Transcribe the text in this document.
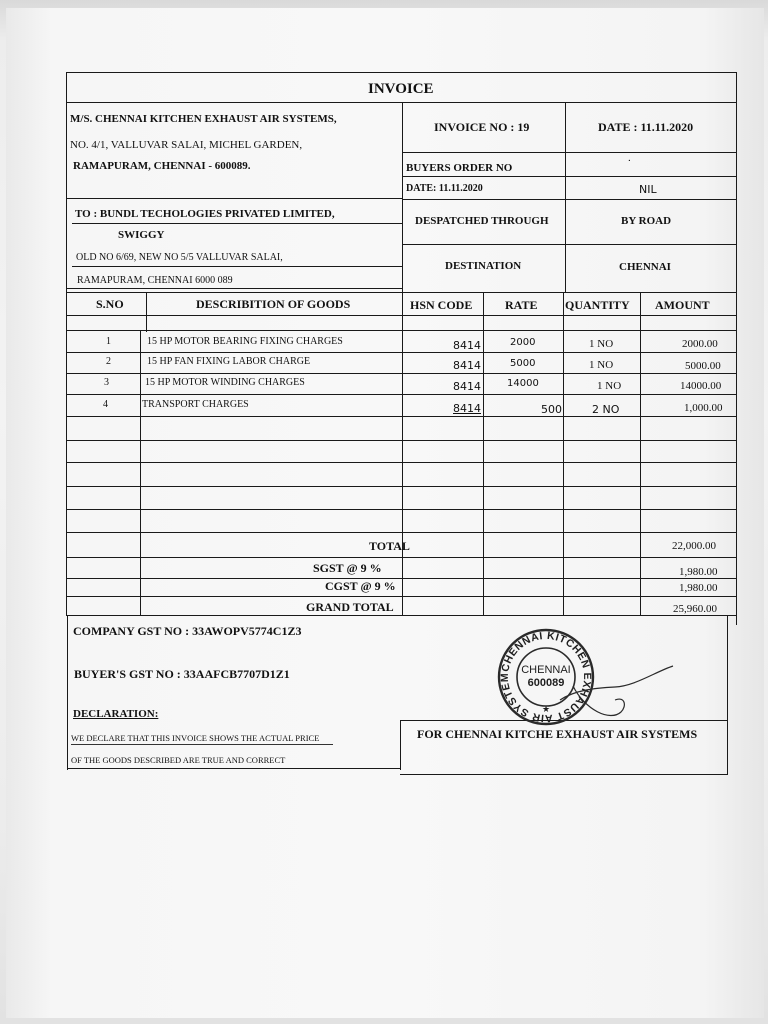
INVOICE
M/S. CHENNAI KITCHEN EXHAUST AIR SYSTEMS,
NO. 4/1, VALLUVAR SALAI, MICHEL GARDEN,
RAMAPURAM, CHENNAI - 600089.
INVOICE NO : 19	DATE : 11.11.2020
BUYERS ORDER NO
.
DATE: 11.11.2020	NIL
DESPATCHED THROUGH	BY ROAD
DESTINATION	CHENNAI
TO : BUNDL TECHOLOGIES PRIVATED LIMITED,
SWIGGY
OLD NO 6/69, NEW NO 5/5 VALLUVAR SALAI,
RAMAPURAM, CHENNAI 6000 089
S.NO	DESCRIBITION OF GOODS	HSN CODE	RATE QUANTITY AMOUNT
1	15 HP MOTOR BEARING FIXING CHARGES	8414	2000	1 NO	2000.00
2	15 HP FAN FIXING LABOR CHARGE	8414	5000	1 NO	5000.00
3	15 HP MOTOR WINDING CHARGES	8414	14000	1 NO	14000.00
4	TRANSPORT CHARGES	8414	500	2 NO	1,000.00
TOTAL	22,000.00
SGST @ 9 %	1,980.00
CGST @ 9 %	1,980.00
GRAND TOTAL	25,960.00
COMPANY GST NO : 33AWOPV5774C1Z3
BUYER'S GST NO : 33AAFCB7707D1Z1
DECLARATION:
WE DECLARE THAT THIS INVOICE SHOWS THE ACTUAL PRICE
OF THE GOODS DESCRIBED ARE TRUE AND CORRECT
FOR CHENNAI KITCHE EXHAUST AIR SYSTEMS
CHENNAI KITCHEN EXHAUST AIR SYSTEM
CHENNAI
600089
★
